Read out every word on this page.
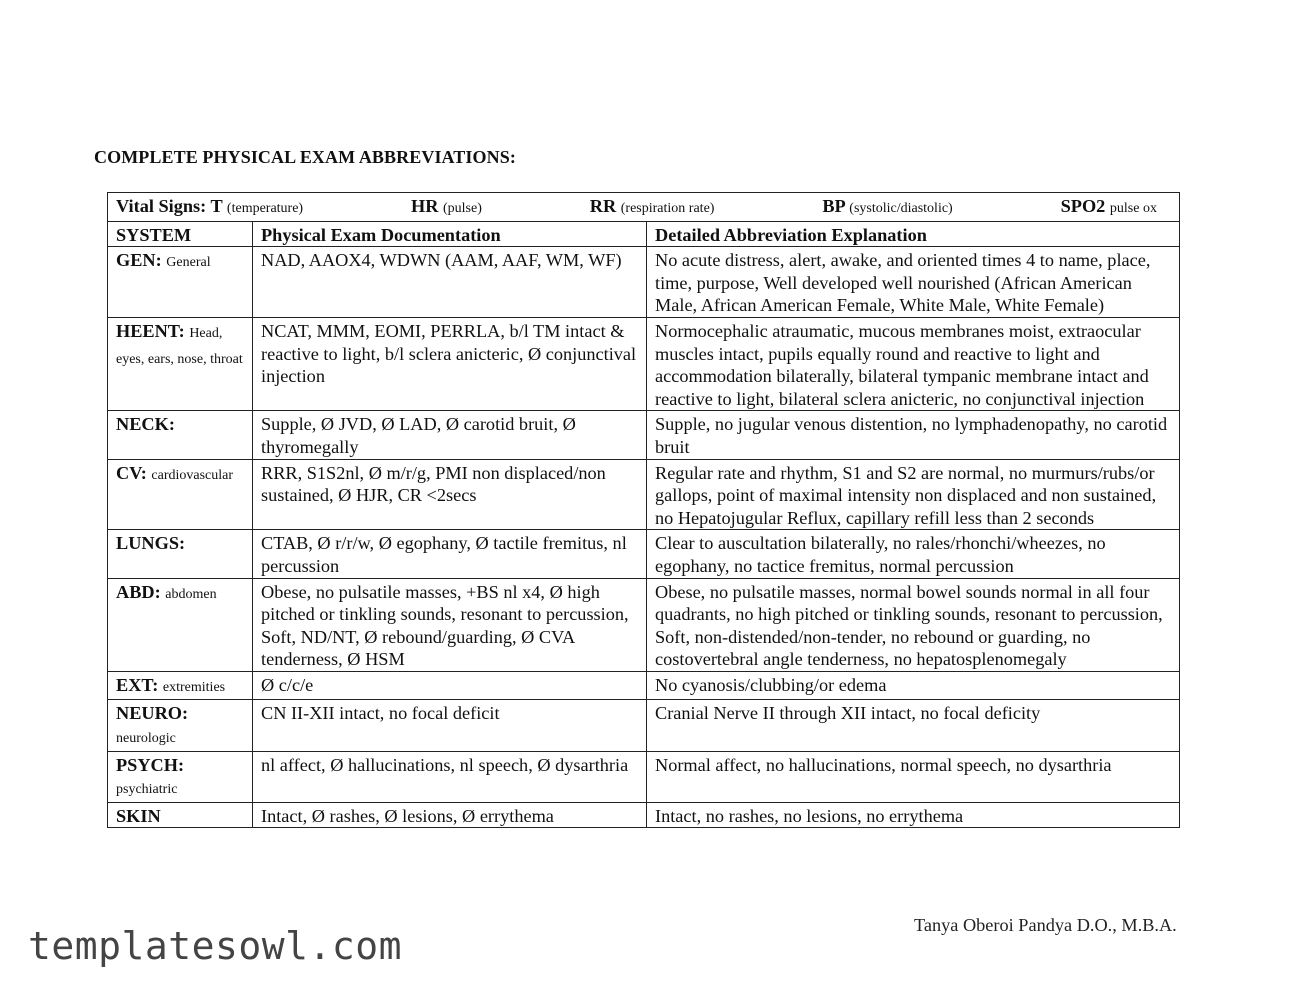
COMPLETE PHYSICAL EXAM ABBREVIATIONS:
Vital Signs: T (temperature) HR (pulse) RR (respiration rate) BP (systolic/diastolic) SPO2 pulse ox		

SYSTEM	Physical Exam Documentation	Detailed Abbreviation Explanation
GEN: General	NAD, AAOX4, WDWN (AAM, AAF, WM, WF)	No acute distress, alert, awake, and oriented times 4 to name, place, time, purpose, Well developed well nourished (African American Male, African American Female, White Male, White Female)
HEENT: Head, eyes, ears, nose, throat	NCAT, MMM, EOMI, PERRLA, b/l TM intact & reactive to light, b/l sclera anicteric, Ø conjunctival injection	Normocephalic atraumatic, mucous membranes moist, extraocular muscles intact, pupils equally round and reactive to light and accommodation bilaterally, bilateral tympanic membrane intact and reactive to light, bilateral sclera anicteric, no conjunctival injection
NECK:	Supple, Ø JVD, Ø LAD, Ø carotid bruit, Ø thyromegally	Supple, no jugular venous distention, no lymphadenopathy, no carotid bruit
CV: cardiovascular	RRR, S1S2nl, Ø m/r/g, PMI non displaced/non sustained, Ø HJR, CR <2secs	Regular rate and rhythm, S1 and S2 are normal, no murmurs/rubs/or gallops, point of maximal intensity non displaced and non sustained, no Hepatojugular Reflux, capillary refill less than 2 seconds
LUNGS:	CTAB, Ø r/r/w, Ø egophany, Ø tactile fremitus, nl percussion	Clear to auscultation bilaterally, no rales/rhonchi/wheezes, no egophany, no tactice fremitus, normal percussion
ABD: abdomen	Obese, no pulsatile masses, +BS nl x4, Ø high pitched or tinkling sounds, resonant to percussion, Soft, ND/NT, Ø rebound/guarding, Ø CVA tenderness, Ø HSM	Obese, no pulsatile masses, normal bowel sounds normal in all four quadrants, no high pitched or tinkling sounds, resonant to percussion, Soft, non-distended/non-tender, no rebound or guarding, no costovertebral angle tenderness, no hepatosplenomegaly
EXT: extremities	Ø c/c/e	No cyanosis/clubbing/or edema
NEURO: neurologic	CN II-XII intact, no focal deficit	Cranial Nerve II through XII intact, no focal deficity
PSYCH: psychiatric	nl affect, Ø hallucinations, nl speech, Ø dysarthria	Normal affect, no hallucinations, normal speech, no dysarthria
SKIN	Intact, Ø rashes, Ø lesions, Ø errythema	Intact, no rashes, no lesions, no errythema
Tanya Oberoi Pandya D.O., M.B.A.
templatesowl.com
